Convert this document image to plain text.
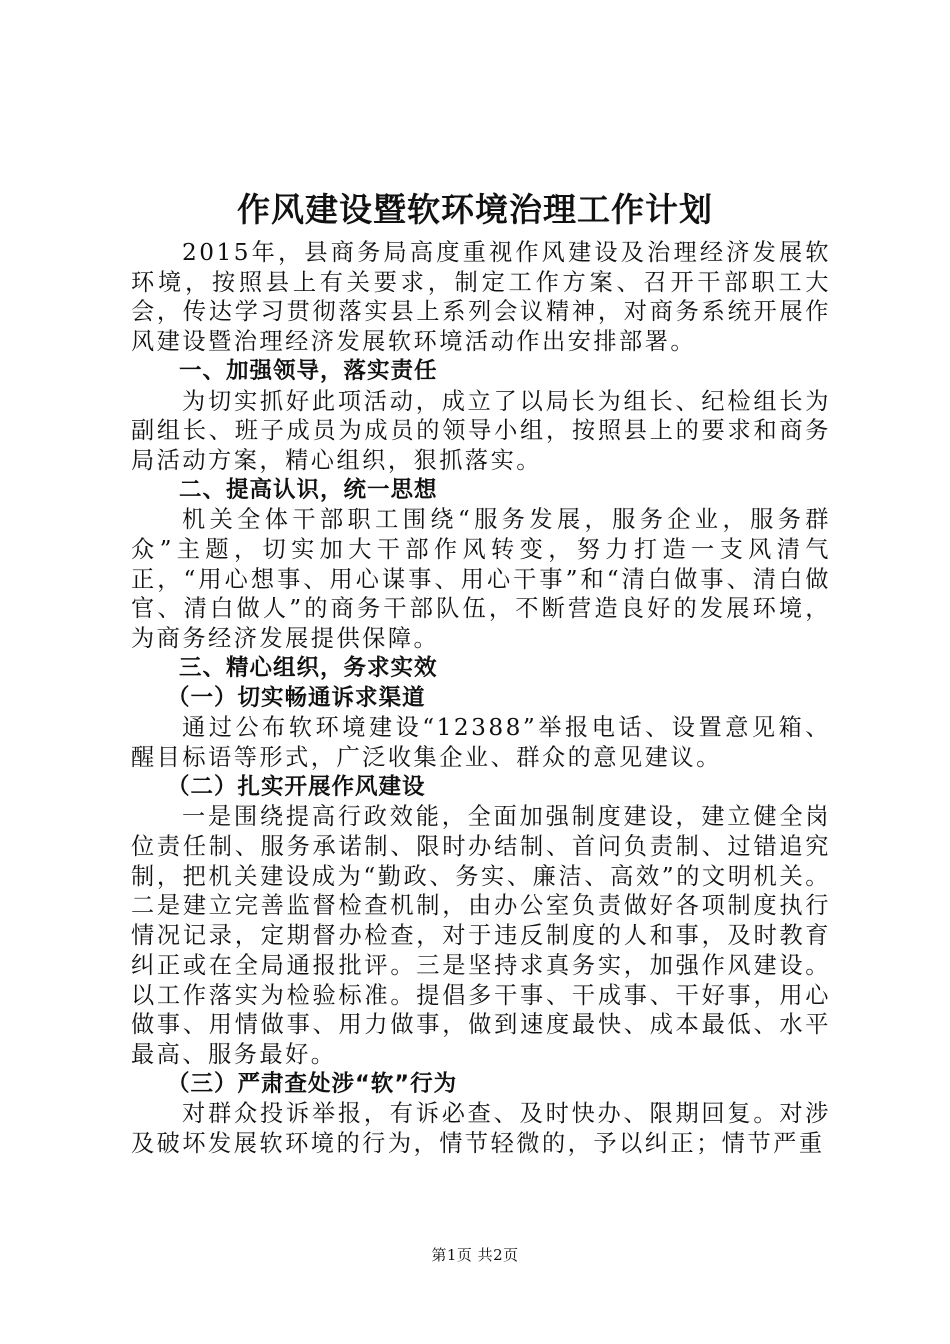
作风建设暨软环境治理工作计划

2015年，县商务局高度重视作风建设及治理经济发展软环境，按照县上有关要求，制定工作方案、召开干部职工大会，传达学习贯彻落实县上系列会议精神，对商务系统开展作风建设暨治理经济发展软环境活动作出安排部署。

一、加强领导，落实责任

为切实抓好此项活动，成立了以局长为组长、纪检组长为副组长、班子成员为成员的领导小组，按照县上的要求和商务局活动方案，精心组织，狠抓落实。

二、提高认识，统一思想

机关全体干部职工围绕“服务发展，服务企业，服务群众”主题，切实加大干部作风转变，努力打造一支风清气正，“用心想事、用心谋事、用心干事”和“清白做事、清白做官、清白做人”的商务干部队伍，不断营造良好的发展环境，为商务经济发展提供保障。

三、精心组织，务求实效
（一）切实畅通诉求渠道

通过公布软环境建设“12388”举报电话、设置意见箱、醒目标语等形式，广泛收集企业、群众的意见建议。

（二）扎实开展作风建设

一是围绕提高行政效能，全面加强制度建设，建立健全岗位责任制、服务承诺制、限时办结制、首问负责制、过错追究制，把机关建设成为“勤政、务实、廉洁、高效”的文明机关。二是建立完善监督检查机制，由办公室负责做好各项制度执行情况记录，定期督办检查，对于违反制度的人和事，及时教育纠正或在全局通报批评。三是坚持求真务实，加强作风建设。以工作落实为检验标准。提倡多干事、干成事、干好事，用心做事、用情做事、用力做事，做到速度最快、成本最低、水平最高、服务最好。

（三）严肃查处涉“软”行为

对群众投诉举报，有诉必查、及时快办、限期回复。对涉及破坏发展软环境的行为，情节轻微的，予以纠正；情节严重

第1页 共2页
